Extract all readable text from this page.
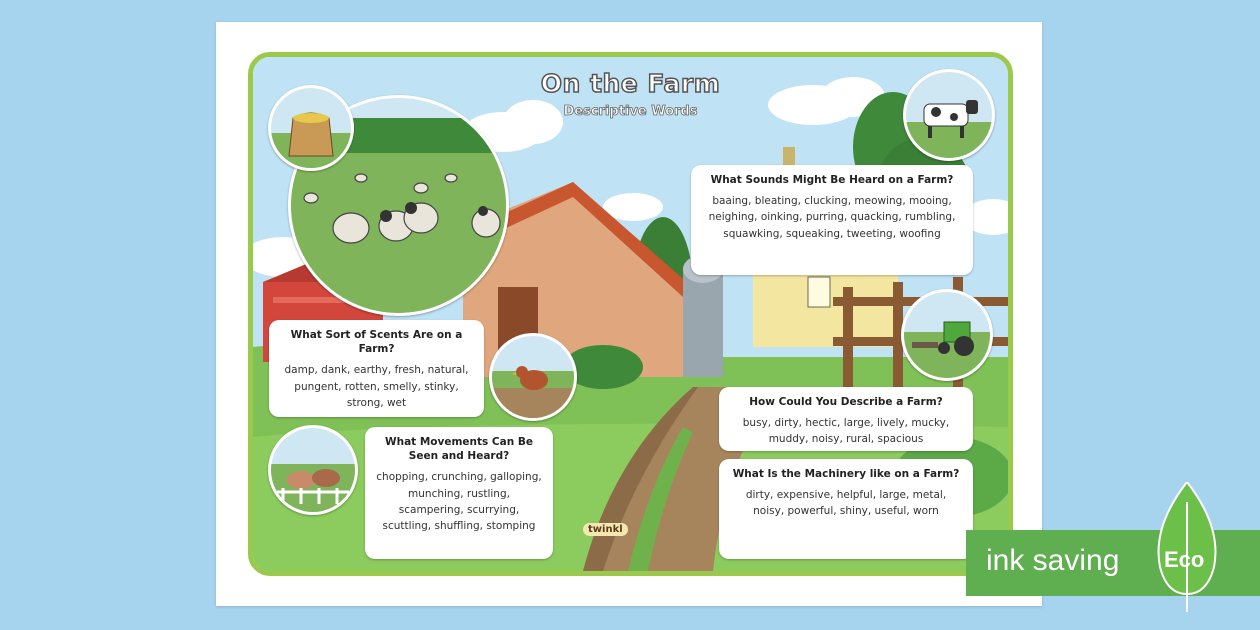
On the Farm
Descriptive Words
What Sounds Might Be Heard on a Farm?

baaing, bleating, clucking, meowing, mooing, neighing, oinking, purring, quacking, rumbling, squawking, squeaking, tweeting, woofing

What Sort of Scents Are on a Farm?

damp, dank, earthy, fresh, natural, pungent, rotten, smelly, stinky, strong, wet	How Could You Describe a Farm?

busy, dirty, hectic, large, lively, mucky, muddy, noisy, rural, spacious

What Movements Can Be Seen and Heard?

chopping, crunching, galloping, munching, rustling, scampering, scurrying, scuttling, shuffling, stomping

What Is the Machinery like on a Farm?

dirty, expensive, helpful, large, metal, noisy, powerful, shiny, useful, worn

twinkl
ink saving Eco
